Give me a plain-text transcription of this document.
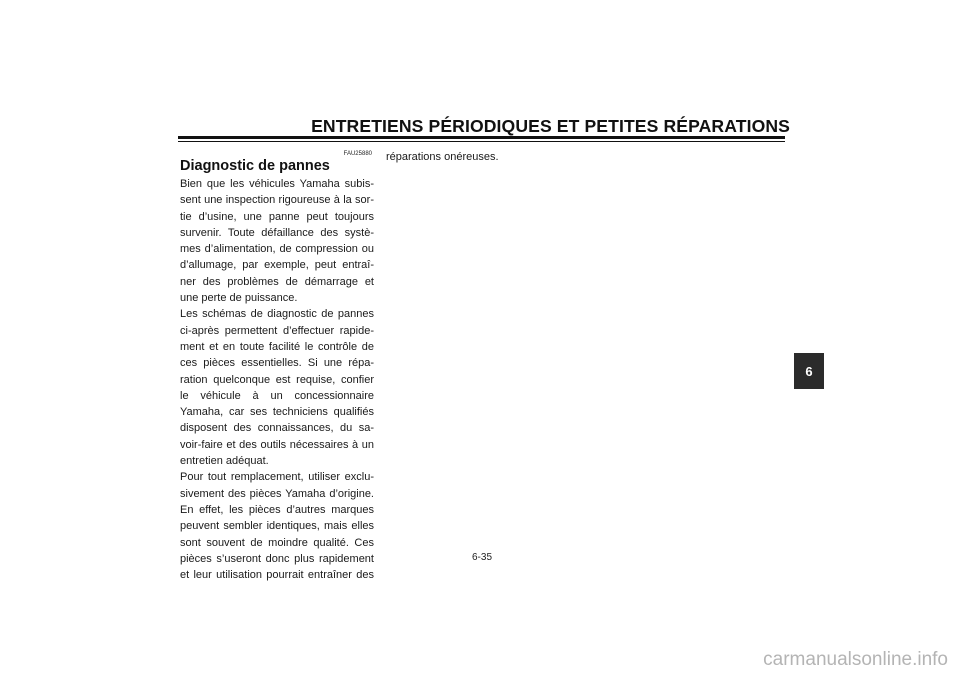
ENTRETIENS PÉRIODIQUES ET PETITES RÉPARATIONS
FAU25880
Diagnostic de pannes
Bien que les véhicules Yamaha subis-
sent une inspection rigoureuse à la sor-
tie d’usine, une panne peut toujours
survenir. Toute défaillance des systè-
mes d’alimentation, de compression ou
d’allumage, par exemple, peut entraî-
ner des problèmes de démarrage et
une perte de puissance.
Les schémas de diagnostic de pannes
ci-après permettent d’effectuer rapide-
ment et en toute facilité le contrôle de
ces pièces essentielles. Si une répa-
ration quelconque est requise, confier
le véhicule à un concessionnaire
Yamaha, car ses techniciens qualifiés
disposent des connaissances, du sa-
voir-faire et des outils nécessaires à un
entretien adéquat.
Pour tout remplacement, utiliser exclu-
sivement des pièces Yamaha d’origine.
En effet, les pièces d’autres marques
peuvent sembler identiques, mais elles
sont souvent de moindre qualité. Ces
pièces s’useront donc plus rapidement
et leur utilisation pourrait entraîner des
réparations onéreuses.
6
6-35
carmanualsonline.info
